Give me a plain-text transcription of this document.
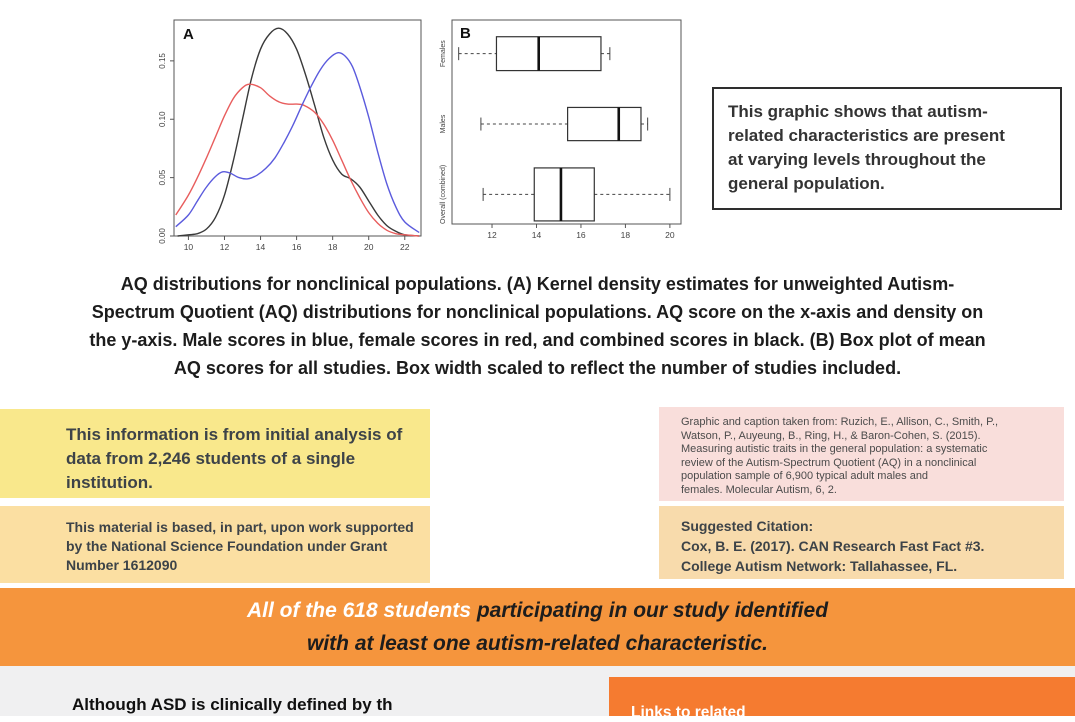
10	12	14	16	18	20	22
0.00
0.05
0.10
0.15
A
12	14	16	18	20
Females
Males
Overall (combined)
B
This graphic shows that autism-
related characteristics are present
at varying levels throughout the
general population.
AQ distributions for nonclinical populations. (A) Kernel density estimates for unweighted Autism-
Spectrum Quotient (AQ) distributions for nonclinical populations. AQ score on the x-axis and density on
the y-axis. Male scores in blue, female scores in red, and combined scores in black. (B) Box plot of mean
AQ scores for all studies. Box width scaled to reflect the number of studies included.
This information is from initial analysis of
data from 2,246 students of a single
institution.
This material is based, in part, upon work supported
by the National Science Foundation under Grant
Number 1612090
Graphic and caption taken from: Ruzich, E., Allison, C., Smith, P.,
Watson, P., Auyeung, B., Ring, H., & Baron-Cohen, S. (2015).
Measuring autistic traits in the general population: a systematic
review of the Autism-Spectrum Quotient (AQ) in a nonclinical
population sample of 6,900 typical adult males and
females. Molecular Autism, 6, 2.
Suggested Citation:
Cox, B. E. (2017). CAN Research Fast Fact #3.
College Autism Network: Tallahassee, FL.
All of the 618 students participating in our study identified
with at least one autism-related characteristic.
Although ASD is clinically defined by th	Links to related
